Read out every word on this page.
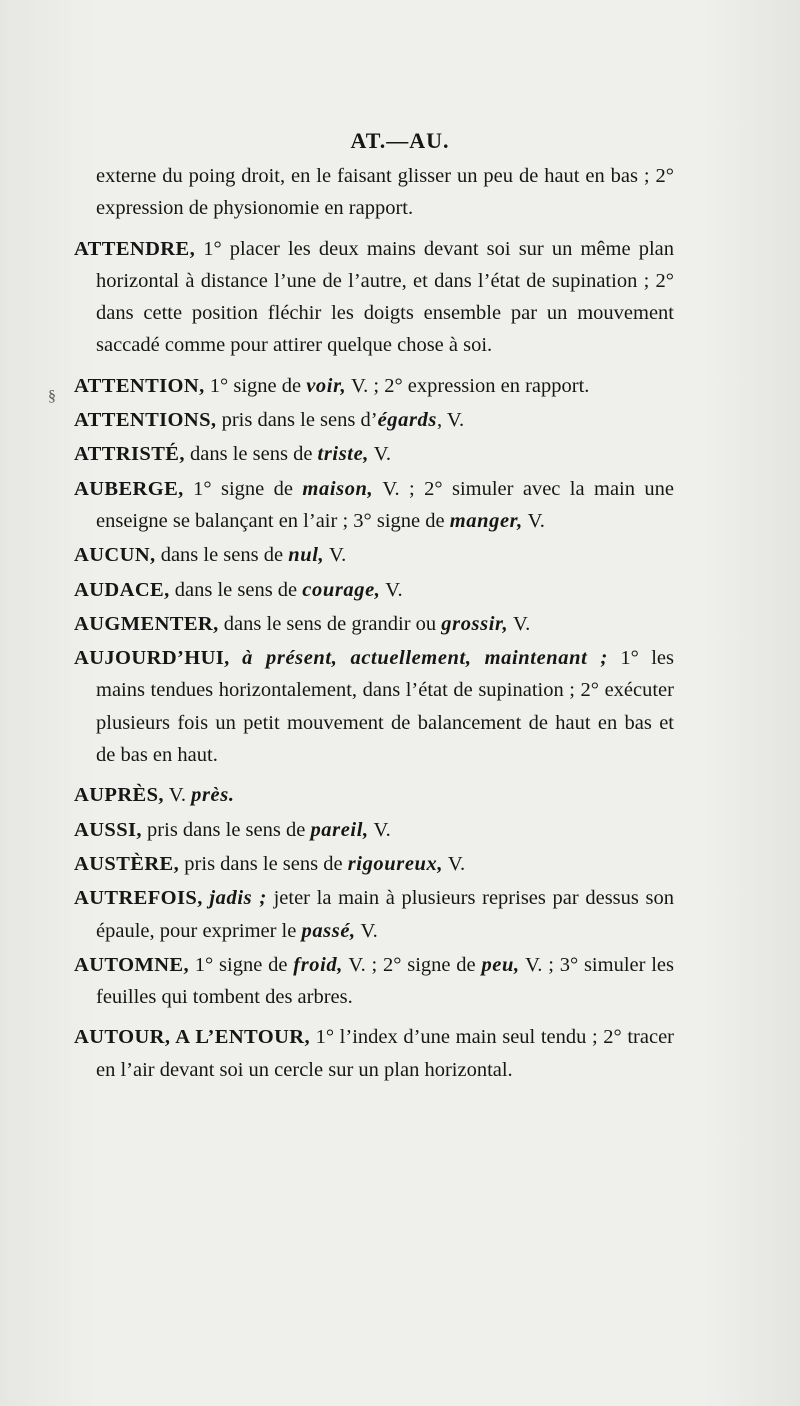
AT.—AU.
§
externe du poing droit, en le faisant glisser un peu de haut en bas ; 2° expression de physionomie en rapport.
ATTENDRE, 1° placer les deux mains devant soi sur un même plan horizontal à distance l’une de l’autre, et dans l’état de supination ; 2° dans cette position fléchir les doigts ensemble par un mouvement saccadé comme pour attirer quelque chose à soi.
ATTENTION, 1° signe de voir, V. ; 2° expression en rapport.
ATTENTIONS, pris dans le sens d’égards, V.
ATTRISTÉ, dans le sens de triste, V.
AUBERGE, 1° signe de maison, V. ; 2° simuler avec la main une enseigne se balançant en l’air ; 3° signe de manger, V.
AUCUN, dans le sens de nul, V.
AUDACE, dans le sens de courage, V.
AUGMENTER, dans le sens de grandir ou grossir, V.
AUJOURD’HUI, à présent, actuellement, maintenant ; 1° les mains tendues horizontalement, dans l’état de supination ; 2° exécuter plusieurs fois un petit mouvement de balancement de haut en bas et de bas en haut.
AUPRÈS, V. près.
AUSSI, pris dans le sens de pareil, V.
AUSTÈRE, pris dans le sens de rigoureux, V.
AUTREFOIS, jadis ; jeter la main à plusieurs reprises par dessus son épaule, pour exprimer le passé, V.
AUTOMNE, 1° signe de froid, V. ; 2° signe de peu, V. ; 3° simuler les feuilles qui tombent des arbres.
AUTOUR, A L’ENTOUR, 1° l’index d’une main seul tendu ; 2° tracer en l’air devant soi un cercle sur un plan horizontal.
